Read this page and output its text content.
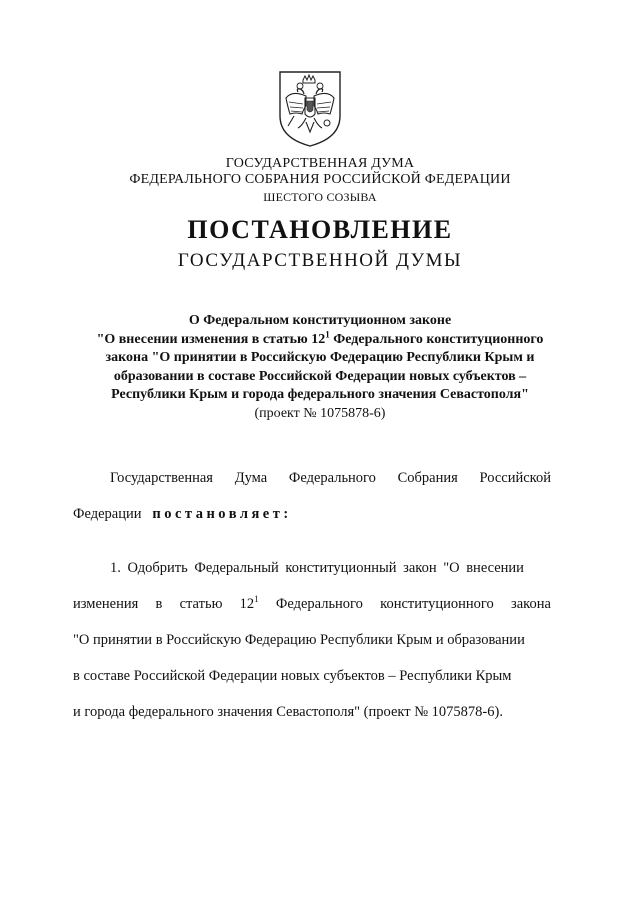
ГОСУДАРСТВЕННАЯ ДУМА
ФЕДЕРАЛЬНОГО СОБРАНИЯ РОССИЙСКОЙ ФЕДЕРАЦИИ
ШЕСТОГО СОЗЫВА
ПОСТАНОВЛЕНИЕ
ГОСУДАРСТВЕННОЙ ДУМЫ
О Федеральном конституционном законе
"О внесении изменения в статью $12^1$ Федерального конституционного
закона "О принятии в Российскую Федерацию Республики Крым и
образовании в составе Российской Федерации новых субъектов –
Республики Крым и города федерального значения Севастополя"
(проект № 1075878-6)
Государственная Дума Федерального Собрания Российской
Федерации постановляет:
1. Одобрить Федеральный конституционный закон "О внесении
изменения в статью $12^1$ Федерального конституционного закона
"О принятии в Российскую Федерацию Республики Крым и образовании
в составе Российской Федерации новых субъектов – Республики Крым
и города федерального значения Севастополя" (проект № 1075878-6).
